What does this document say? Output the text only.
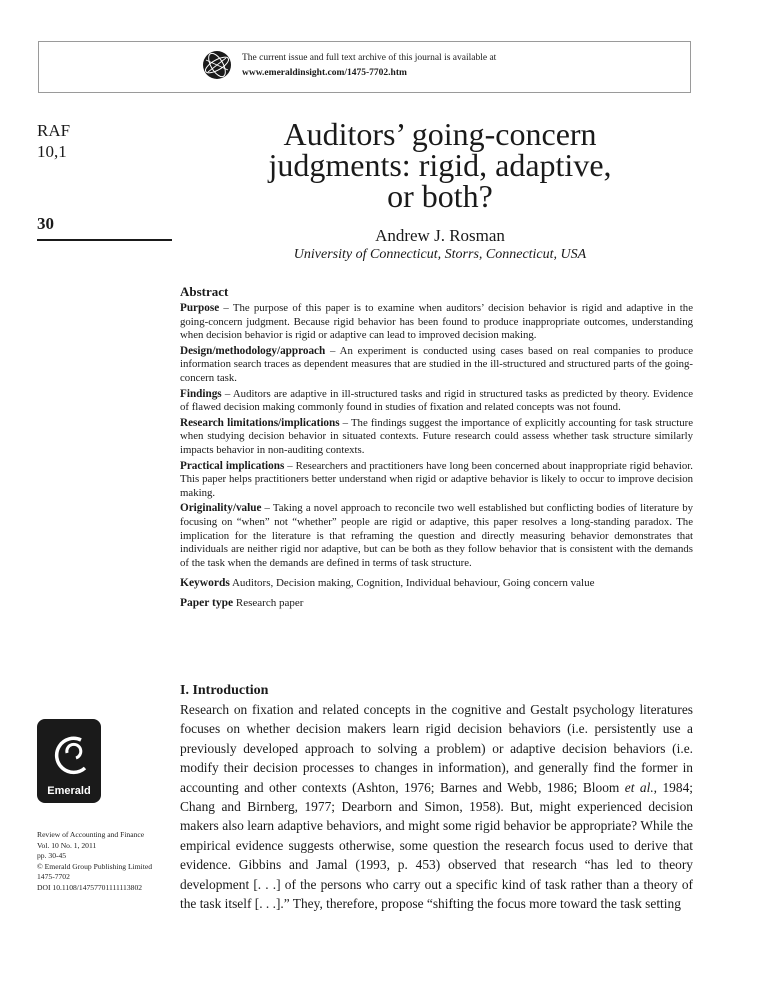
The current issue and full text archive of this journal is available at
www.emeraldinsight.com/1475-7702.htm
RAF
10,1
30
Auditors’ going-concern
judgments: rigid, adaptive,
or both?
Andrew J. Rosman
University of Connecticut, Storrs, Connecticut, USA
Abstract

Purpose – The purpose of this paper is to examine when auditors’ decision behavior is rigid and adaptive in the going-concern judgment. Because rigid behavior has been found to produce inappropriate outcomes, understanding when decision behavior is rigid or adaptive can lead to improved decision making.

Design/methodology/approach – An experiment is conducted using cases based on real companies to produce information search traces as dependent measures that are studied in the ill-structured and structured parts of the going-concern task.

Findings – Auditors are adaptive in ill-structured tasks and rigid in structured tasks as predicted by theory. Evidence of flawed decision making commonly found in studies of fixation and related concepts was not found.

Research limitations/implications – The findings suggest the importance of explicitly accounting for task structure when studying decision behavior in situated contexts. Future research could assess whether task structure similarly impacts behavior in non-auditing contexts.

Practical implications – Researchers and practitioners have long been concerned about inappropriate rigid behavior. This paper helps practitioners better understand when rigid or adaptive behavior is likely to occur to improve decision making.

Originality/value – Taking a novel approach to reconcile two well established but conflicting bodies of literature by focusing on “when” not “whether” people are rigid or adaptive, this paper resolves a long-standing paradox. The implication for the literature is that reframing the question and directly measuring behavior demonstrates that individuals are neither rigid nor adaptive, but can be both as they follow behavior that is consistent with the demands of the task when the demands are defined in terms of task structure.

Keywords Auditors, Decision making, Cognition, Individual behaviour, Going concern value
Paper type Research paper
I. Introduction

Research on fixation and related concepts in the cognitive and Gestalt psychology literatures focuses on whether decision makers learn rigid decision behaviors (i.e. persistently use a previously developed approach to solving a problem) or adaptive decision behaviors (i.e. modify their decision processes to changes in information), and generally find the former in accounting and other contexts (Ashton, 1976; Barnes and Webb, 1986; Bloom et al., 1984; Chang and Birnberg, 1977; Dearborn and Simon, 1958). But, might experienced decision makers also learn adaptive behaviors, and might some rigid behavior be appropriate? While the empirical evidence suggests otherwise, some question the research focus used to derive that evidence. Gibbins and Jamal (1993, p. 453) observed that research “has led to theory development [. . .] of the persons who carry out a specific kind of task rather than a theory of the task itself [. . .].” They, therefore, propose “shifting the focus more toward the task setting

Emerald
Review of Accounting and Finance
Vol. 10 No. 1, 2011
pp. 30-45
© Emerald Group Publishing Limited
1475-7702
DOI 10.1108/14757701111113802
